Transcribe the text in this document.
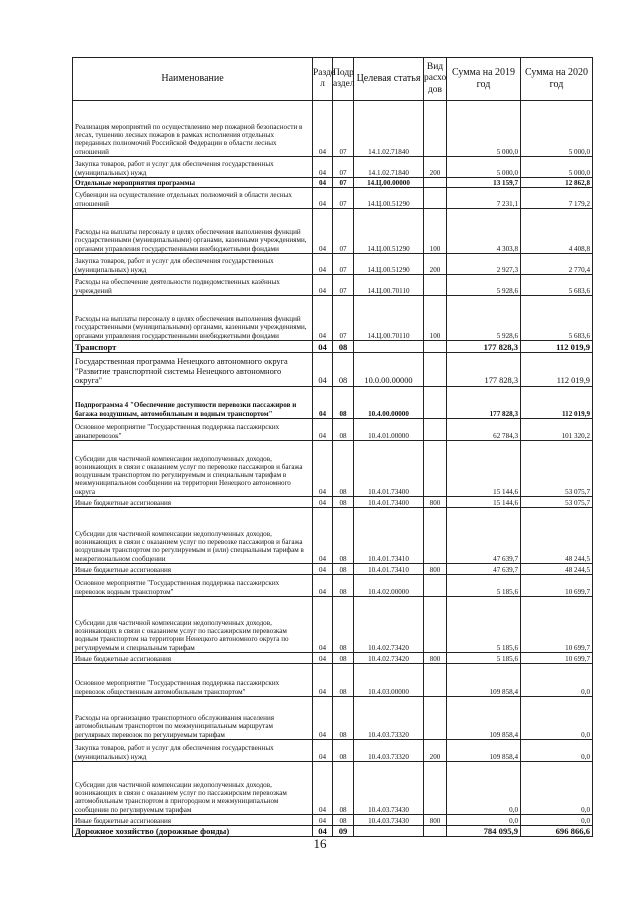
Наименование	Разде л	Подр аздел	Целевая статья	Вид расхо дов	Сумма на 2019 год	Сумма на 2020 год
Реализация мероприятий по осуществлению мер пожарной безопасности в лесах, тушению лесных пожаров в рамках исполнения отдельных переданных полномочий Российской Федерации в области лесных отношений	04	07	14.1.02.71840		5 000,0	5 000,0
Закупка товаров, работ и услуг для обеспечения государственных (муниципальных) нужд	04	07	14.1.02.71840	200	5 000,0	5 000,0
Отдельные мероприятия программы	04	07	14.Ц.00.00000		13 159,7	12 862,8
Субвенции на осуществление отдельных полномочий в области лесных отношений	04	07	14.Ц.00.51290		7 231,1	7 179,2
Расходы на выплаты персоналу в целях обеспечения выполнения функций государственными (муниципальными) органами, казенными учреждениями, органами управления государственными внебюджетными фондами	04	07	14.Ц.00.51290	100	4 303,8	4 408,8
Закупка товаров, работ и услуг для обеспечения государственных (муниципальных) нужд	04	07	14.Ц.00.51290	200	2 927,3	2 770,4
Расходы на обеспечение деятельности подведомственных казённых учреждений	04	07	14.Ц.00.70110		5 928,6	5 683,6
Расходы на выплаты персоналу в целях обеспечения выполнения функций государственными (муниципальными) органами, казенными учреждениями, органами управления государственными внебюджетными фондами	04	07	14.Ц.00.70110	100	5 928,6	5 683,6
Транспорт	04	08			177 828,3	112 019,9
Государственная программа Ненецкого автономного округа "Развитие транспортной системы Ненецкого автономного округа"	04	08	10.0.00.00000		177 828,3	112 019,9
Подпрограмма 4 "Обеспечение доступности перевозки пассажиров и багажа воздушным, автомобильным и водным транспортом"	04	08	10.4.00.00000		177 828,3	112 019,9
Основное мероприятие "Государственная поддержка пассажирских авиаперевозок"	04	08	10.4.01.00000		62 784,3	101 320,2
Субсидии для частичной компенсации недополученных доходов, возникающих в связи с оказанием услуг по перевозке пассажиров и багажа воздушным транспортом по регулируемым и специальным тарифам в межмуниципальном сообщении на территории Ненецкого автономного округа	04	08	10.4.01.73400		15 144,6	53 075,7
Иные бюджетные ассигнования	04	08	10.4.01.73400	800	15 144,6	53 075,7
Субсидии для частичной компенсации недополученных доходов, возникающих в связи с оказанием услуг по перевозке пассажиров и багажа воздушным транспортом по регулируемым и (или) специальным тарифам в межрегиональном сообщении	04	08	10.4.01.73410		47 639,7	48 244,5
Иные бюджетные ассигнования	04	08	10.4.01.73410	800	47 639,7	48 244,5
Основное мероприятие "Государственная поддержка пассажирских перевозок водным транспортом"	04	08	10.4.02.00000		5 185,6	10 699,7
Субсидии для частичной компенсации недополученных доходов, возникающих в связи с оказанием услуг по пассажирским перевозкам водным транспортом на территории Ненецкого автономного округа по регулируемым и специальным тарифам	04	08	10.4.02.73420		5 185,6	10 699,7
Иные бюджетные ассигнования	04	08	10.4.02.73420	800	5 185,6	10 699,7
Основное мероприятие "Государственная поддержка пассажирских перевозок общественным автомобильным транспортом"	04	08	10.4.03.00000		109 858,4	0,0
Расходы на организацию транспортного обслуживания населения автомобильным транспортом по межмуниципальным маршрутам регулярных перевозок по регулируемым тарифам	04	08	10.4.03.73320		109 858,4	0,0
Закупка товаров, работ и услуг для обеспечения государственных (муниципальных) нужд	04	08	10.4.03.73320	200	109 858,4	0,0
Субсидии для частичной компенсации недополученных доходов, возникающих в связи с оказанием услуг по пассажирским перевозкам автомобильным транспортом в пригородном и межмуниципальном сообщении по регулируемым тарифам	04	08	10.4.03.73430		0,0	0,0
Иные бюджетные ассигнования	04	08	10.4.03.73430	800	0,0	0,0
Дорожное хозяйство (дорожные фонды)	04	09			784 095,9	696 866,6
16
